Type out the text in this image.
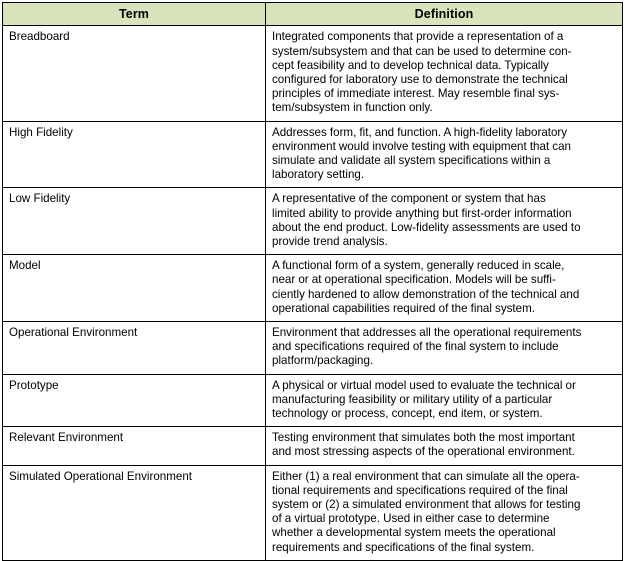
Term	Definition
Breadboard	Integrated components that provide a representation of a
system/subsystem and that can be used to determine con-
cept feasibility and to develop technical data. Typically
configured for laboratory use to demonstrate the technical
principles of immediate interest. May resemble final sys-
tem/subsystem in function only.

High Fidelity	Addresses form, fit, and function. A high-fidelity laboratory
environment would involve testing with equipment that can
simulate and validate all system specifications within a
laboratory setting.

Low Fidelity	A representative of the component or system that has
limited ability to provide anything but first-order information
about the end product. Low-fidelity assessments are used to
provide trend analysis.

Model	A functional form of a system, generally reduced in scale,
near or at operational specification. Models will be suffi-
ciently hardened to allow demonstration of the technical and
operational capabilities required of the final system.

Operational Environment	Environment that addresses all the operational requirements
and specifications required of the final system to include
platform/packaging.

Prototype	A physical or virtual model used to evaluate the technical or
manufacturing feasibility or military utility of a particular
technology or process, concept, end item, or system.

Relevant Environment	Testing environment that simulates both the most important
and most stressing aspects of the operational environment.

Simulated Operational Environment	Either (1) a real environment that can simulate all the opera-
tional requirements and specifications required of the final
system or (2) a simulated environment that allows for testing
of a virtual prototype. Used in either case to determine
whether a developmental system meets the operational
requirements and specifications of the final system.
